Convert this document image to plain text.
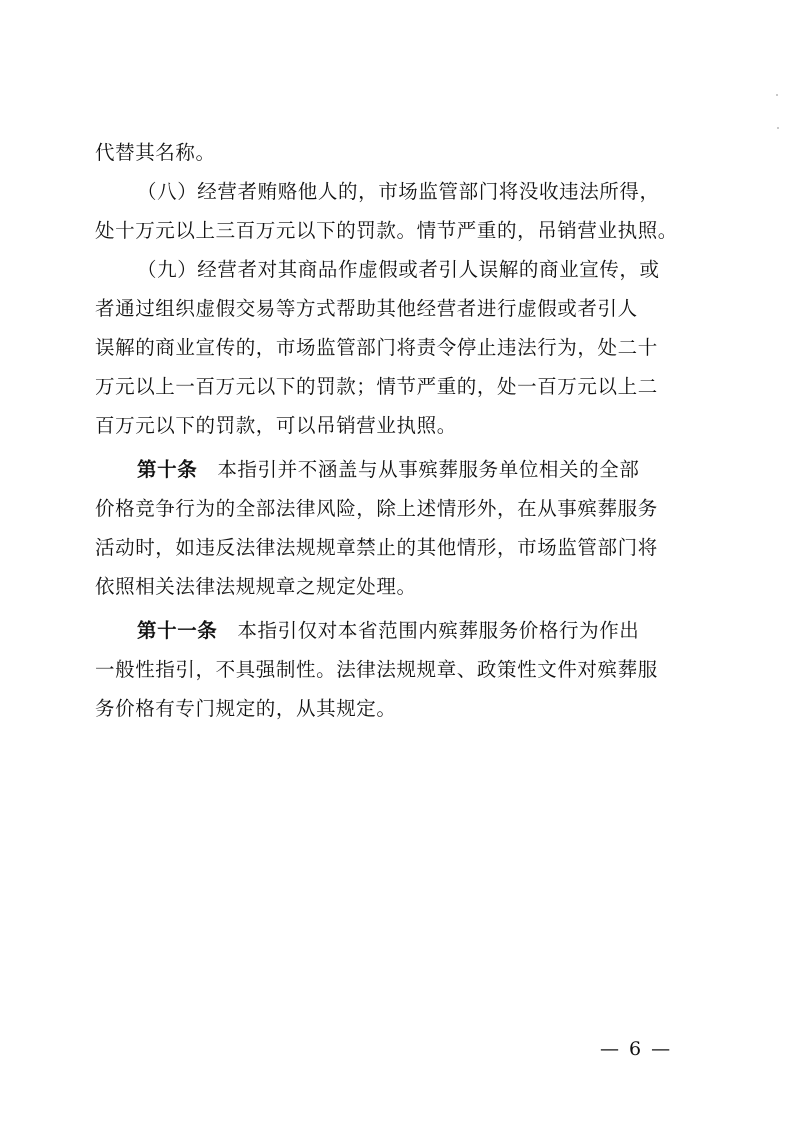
代替其名称。
（八）经营者贿赂他人的，市场监管部门将没收违法所得，
处十万元以上三百万元以下的罚款。情节严重的，吊销营业执照。
（九）经营者对其商品作虚假或者引人误解的商业宣传，或
者通过组织虚假交易等方式帮助其他经营者进行虚假或者引人
误解的商业宣传的，市场监管部门将责令停止违法行为，处二十
万元以上一百万元以下的罚款；情节严重的，处一百万元以上二
百万元以下的罚款，可以吊销营业执照。
第十条 本指引并不涵盖与从事殡葬服务单位相关的全部
价格竞争行为的全部法律风险，除上述情形外，在从事殡葬服务
活动时，如违反法律法规规章禁止的其他情形，市场监管部门将
依照相关法律法规规章之规定处理。
第十一条 本指引仅对本省范围内殡葬服务价格行为作出
一般性指引，不具强制性。法律法规规章、政策性文件对殡葬服
务价格有专门规定的，从其规定。
— 6 —
